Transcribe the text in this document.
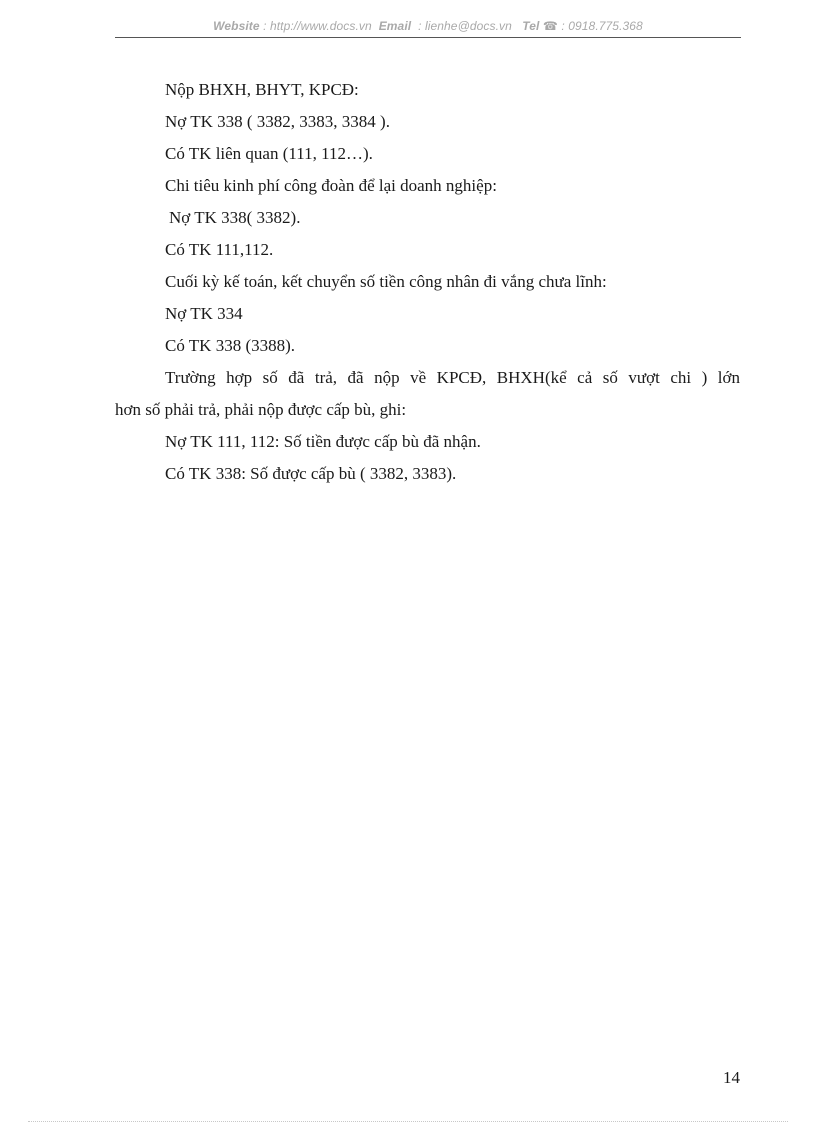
Website : http://www.docs.vn Email : lienhe@docs.vn Tel ☎ : 0918.775.368

Nộp BHXH, BHYT, KPCĐ:

Nợ TK 338 ( 3382, 3383, 3384 ).

Có TK liên quan (111, 112…).

Chi tiêu kinh phí công đoàn để lại doanh nghiệp:

Nợ TK 338( 3382).

Có TK 111,112.

Cuối kỳ kế toán, kết chuyển số tiền công nhân đi vắng chưa lĩnh:

Nợ TK 334

Có TK 338 (3388).

Trường hợp số đã trả, đã nộp về KPCĐ, BHXH(kể cả số vượt chi ) lớn

hơn số phải trả, phải nộp được cấp bù, ghi:

Nợ TK 111, 112: Số tiền được cấp bù đã nhận.

Có TK 338: Số được cấp bù ( 3382, 3383).

14
